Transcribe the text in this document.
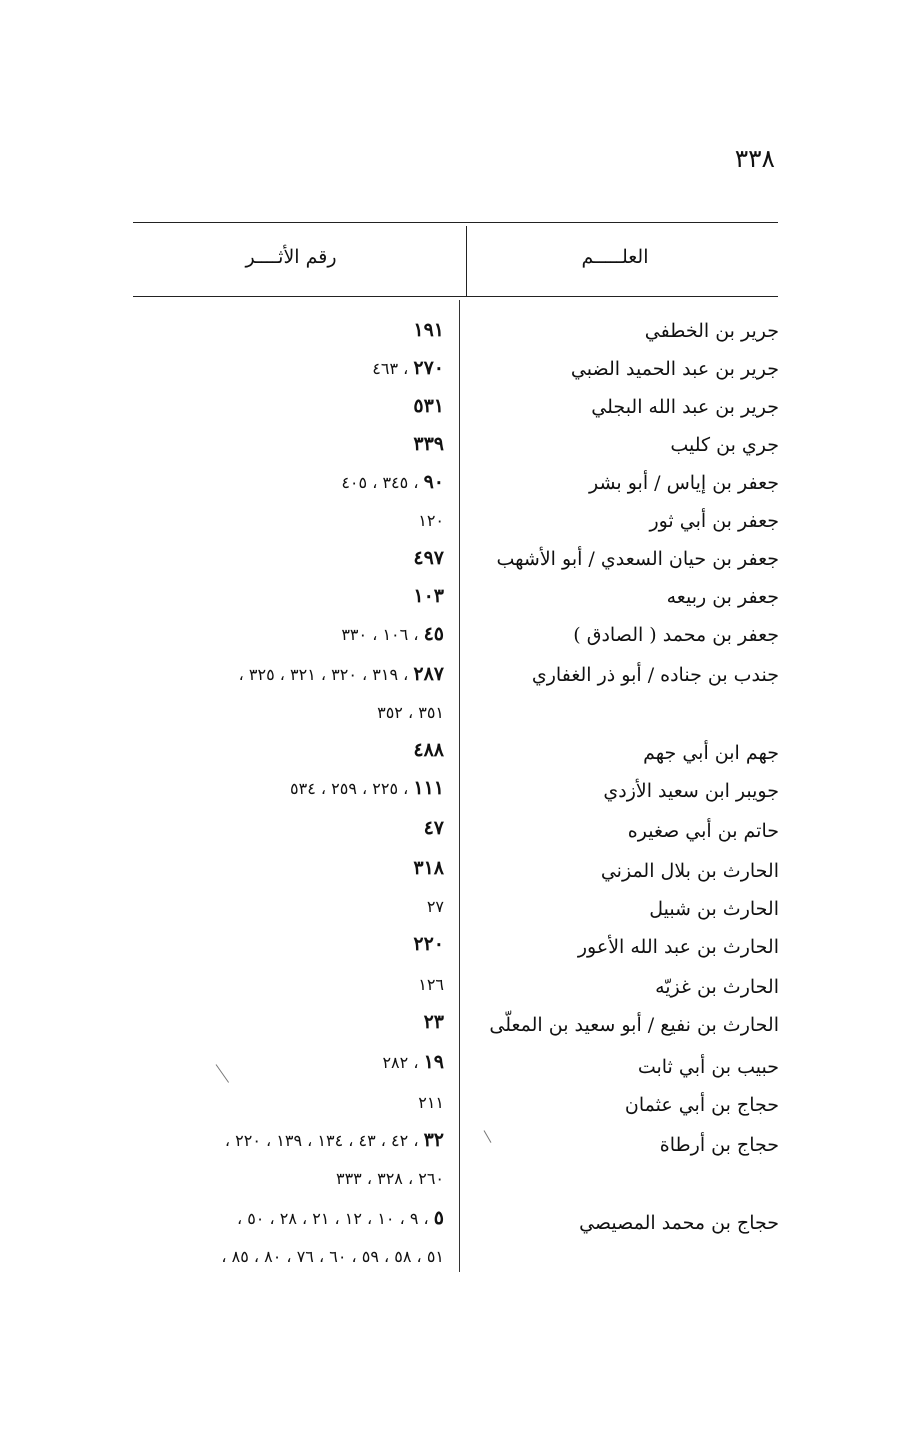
٣٣٨
العلـــــم
رقم الأثــــر
جرير بن الخطفي
١٩١
جرير بن عبد الحميد الضبي
٢٧٠ ، ٤٦٣
جرير بن عبد الله البجلي
٥٣١
جري بن كليب
٣٣٩
جعفر بن إياس / أبو بشر
٩٠ ، ٣٤٥ ، ٤٠٥
جعفر بن أبي ثور
١٢٠
جعفر بن حيان السعدي / أبو الأشهب
٤٩٧
جعفر بن ربيعه
١٠٣
جعفر بن محمد ( الصادق )
٤٥ ، ١٠٦ ، ٣٣٠
جندب بن جناده / أبو ذر الغفاري
٢٨٧ ، ٣١٩ ، ٣٢٠ ، ٣٢١ ، ٣٢٥ ،
٣٥١ ، ٣٥٢
جهم ابن أبي جهم
٤٨٨
جويبر ابن سعيد الأزدي
١١١ ، ٢٢٥ ، ٢٥٩ ، ٥٣٤
حاتم بن أبي صغيره
٤٧
الحارث بن بلال المزني
٣١٨
الحارث بن شبيل
٢٧
الحارث بن عبد الله الأعور
٢٢٠
الحارث بن غزيّه
١٢٦
الحارث بن نفيع / أبو سعيد بن المعلّى
٢٣
حبيب بن أبي ثابت
١٩ ، ٢٨٢
حجاج بن أبي عثمان
٢١١
حجاج بن أرطاة
٣٢ ، ٤٢ ، ٤٣ ، ١٣٤ ، ١٣٩ ، ٢٢٠ ،
٢٦٠ ، ٣٢٨ ، ٣٣٣
حجاج بن محمد المصيصي
٥ ، ٩ ، ١٠ ، ١٢ ، ٢١ ، ٢٨ ، ٥٠ ،
٥١ ، ٥٨ ، ٥٩ ، ٦٠ ، ٧٦ ، ٨٠ ، ٨٥ ،
